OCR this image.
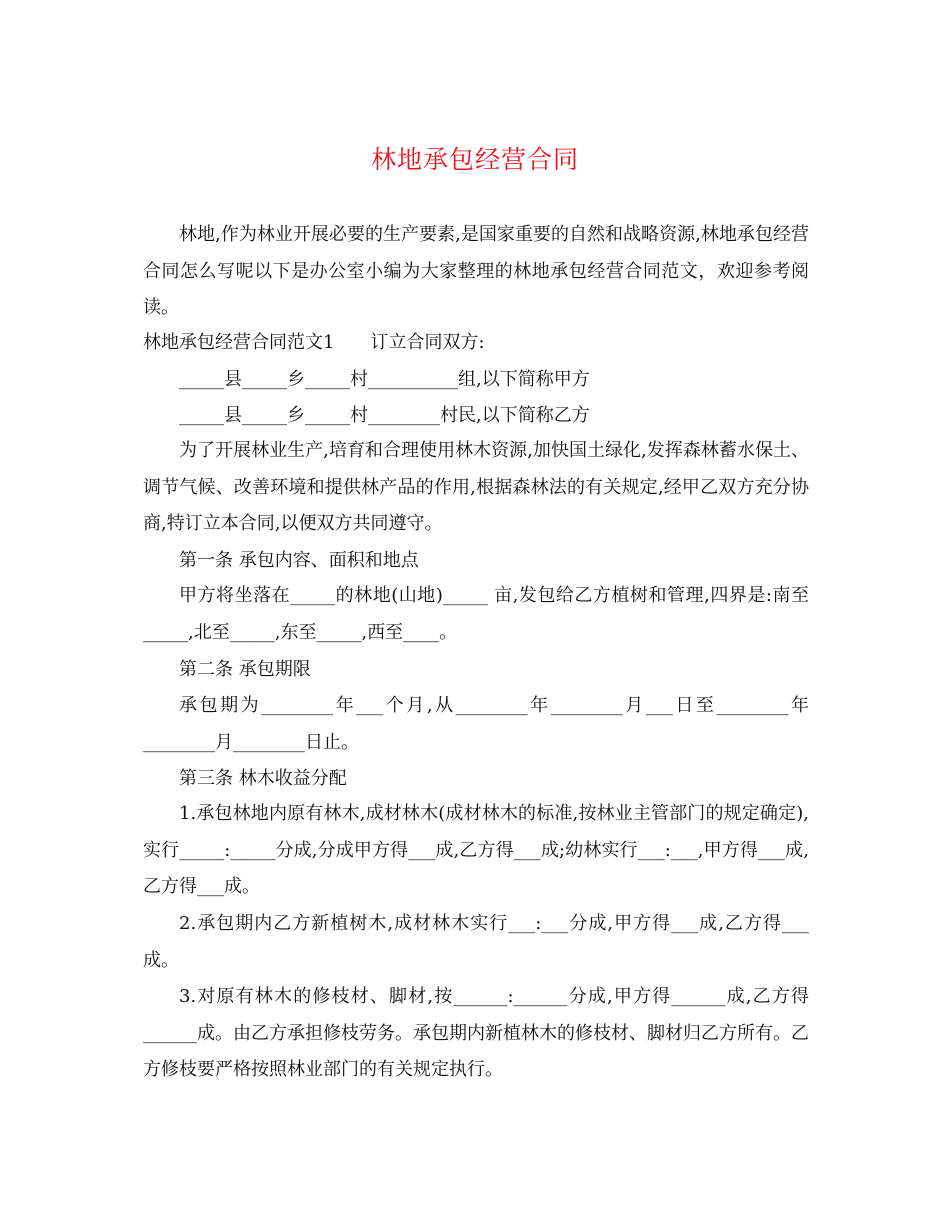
林地承包经营合同
林地,作为林业开展必要的生产要素,是国家重要的自然和战略资源,林地承包经营合同怎么写呢以下是办公室小编为大家整理的林地承包经营合同范文，欢迎参考阅读。
林地承包经营合同范文1　　订立合同双方:
_____县_____乡_____村__________组,以下简称甲方
_____县_____乡_____村________村民,以下简称乙方
为了开展林业生产,培育和合理使用林木资源,加快国土绿化,发挥森林蓄水保土、调节气候、改善环境和提供林产品的作用,根据森林法的有关规定,经甲乙双方充分协商,特订立本合同,以便双方共同遵守。
第一条 承包内容、面积和地点
甲方将坐落在_____的林地(山地)_____ 亩,发包给乙方植树和管理,四界是:南至_____,北至_____,东至_____,西至____。
第二条 承包期限
承包期为________年___个月,从________年________月___日至________年________月________日止。
第三条 林木收益分配
1.承包林地内原有林木,成材林木(成材林木的标准,按林业主管部门的规定确定),实行_____:_____分成,分成甲方得___成,乙方得___成;幼林实行___:___,甲方得___成,乙方得___成。
2.承包期内乙方新植树木,成材林木实行___:___分成,甲方得___成,乙方得___成。
3.对原有林木的修枝材、脚材,按______:______分成,甲方得______成,乙方得______成。由乙方承担修枝劳务。承包期内新植林木的修枝材、脚材归乙方所有。乙方修枝要严格按照林业部门的有关规定执行。
